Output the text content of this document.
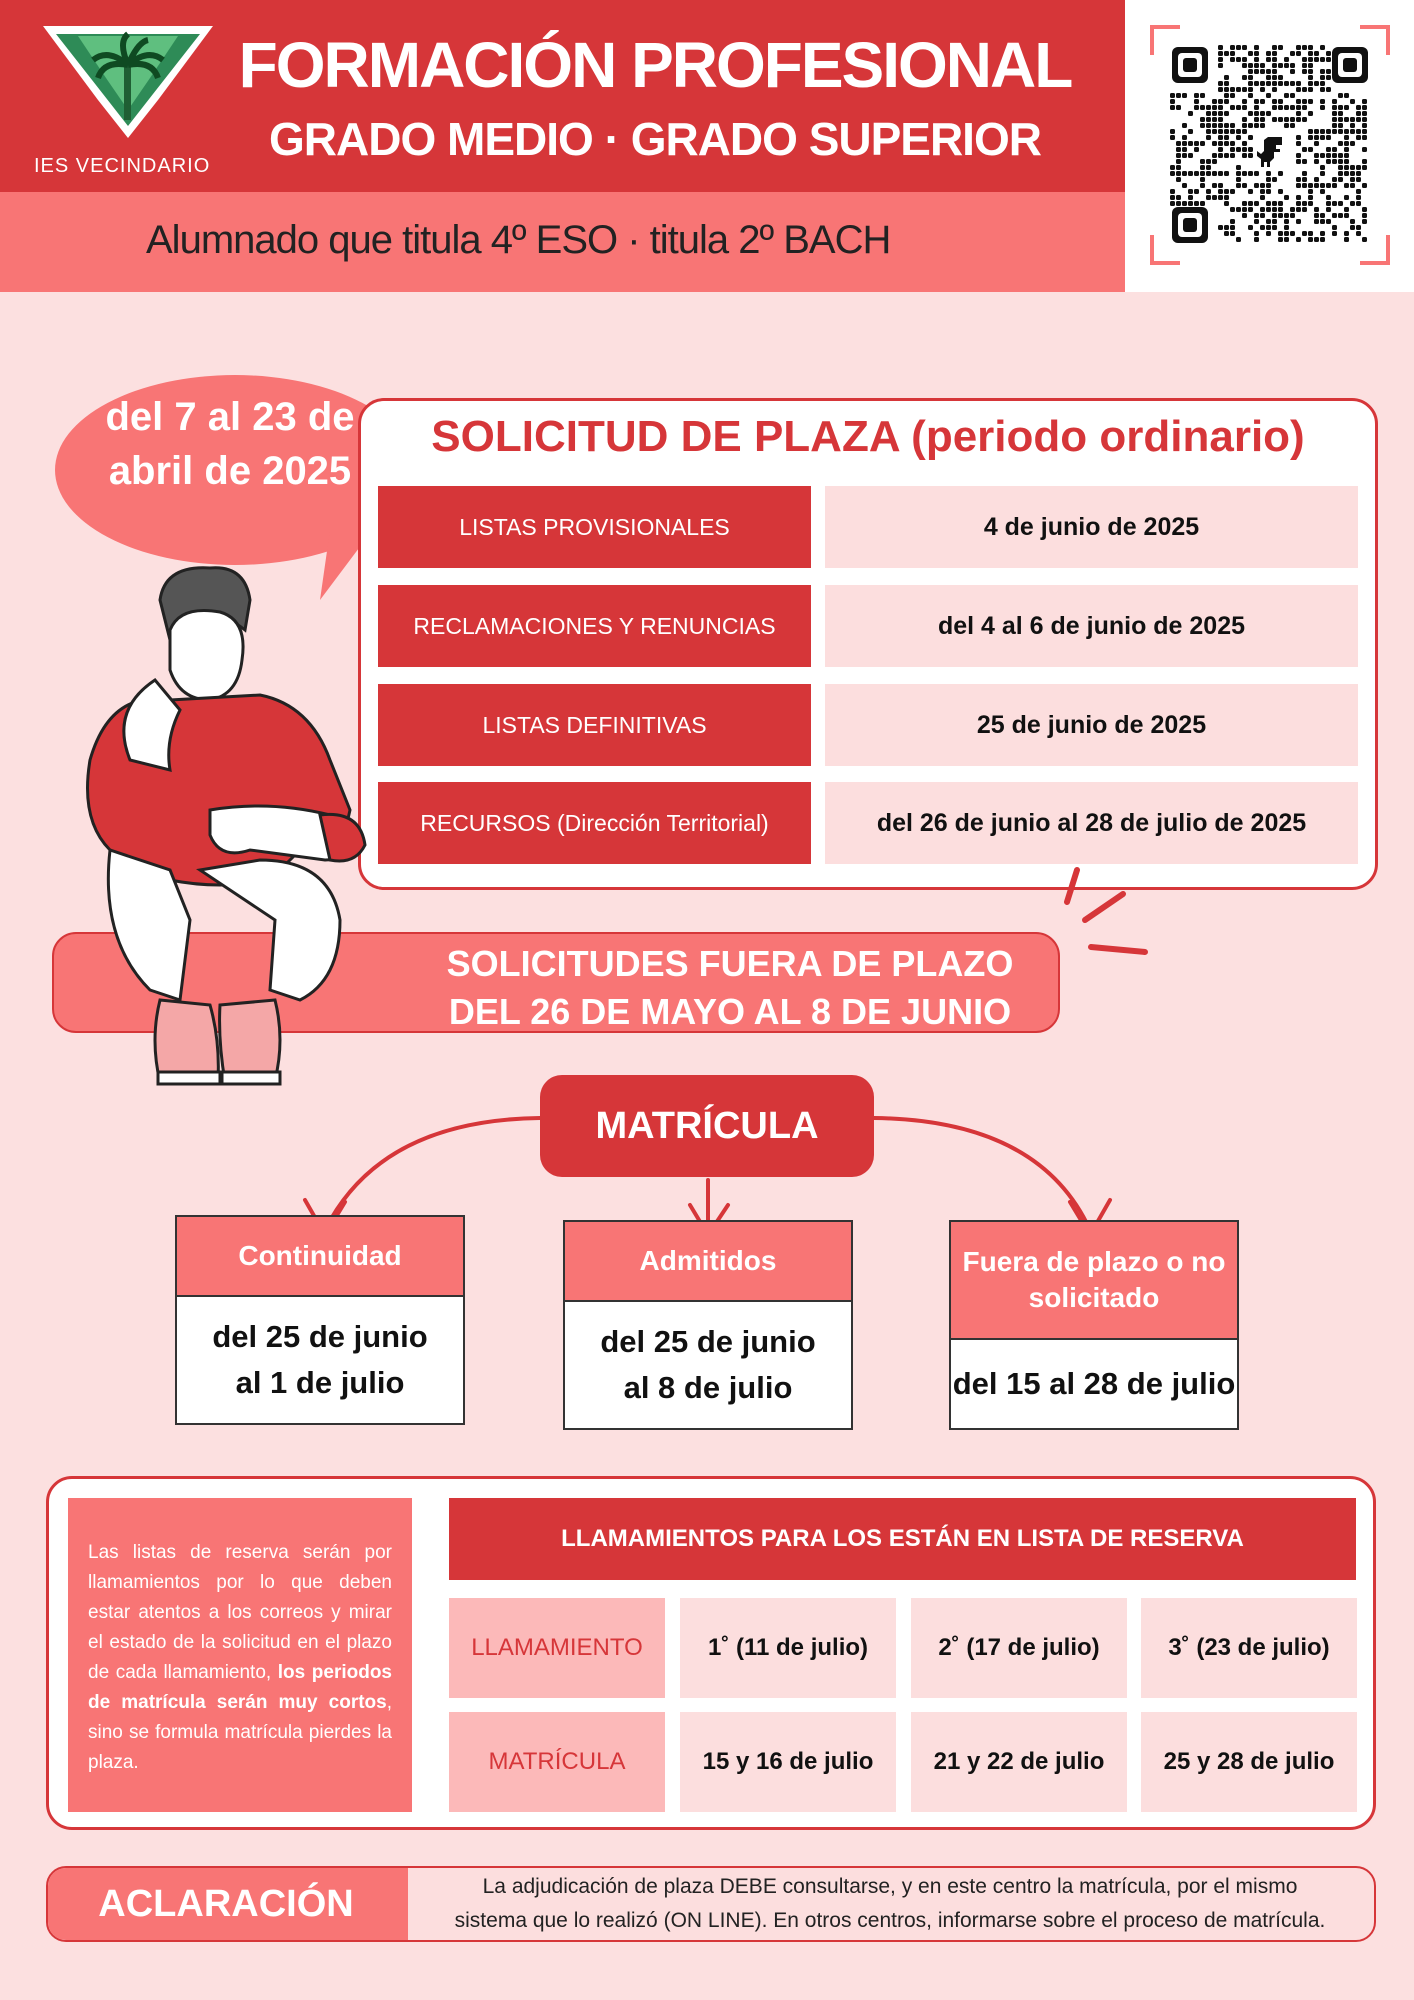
IES VECINDARIO
FORMACIÓN PROFESIONAL
GRADO MEDIO · GRADO SUPERIOR
Alumnado que titula 4º ESO · titula 2º BACH
del 7 al 23 de
abril de 2025
SOLICITUD DE PLAZA (periodo ordinario)
LISTAS PROVISIONALES	4 de junio de 2025
RECLAMACIONES Y RENUNCIAS	del 4 al 6 de junio de 2025
LISTAS DEFINITIVAS	25 de junio de 2025
RECURSOS (Dirección Territorial)	del 26 de junio al 28 de julio de 2025
SOLICITUDES FUERA DE PLAZO
DEL 26 DE MAYO AL 8 DE JUNIO
MATRÍCULA
Continuidad
del 25 de junio
al 1 de julio
Admitidos
del 25 de junio
al 8 de julio
Fuera de plazo o no
solicitado
del 15 al 28 de julio
Las listas de reserva serán por llamamientos por lo que deben estar atentos a los correos y mirar el estado de la solicitud en el plazo de cada llamamiento, los periodos de matrícula serán muy cortos, sino se formula matrícula pierdes la plaza.
LLAMAMIENTOS PARA LOS ESTÁN EN LISTA DE RESERVA
LLAMAMIENTO	1˚ (11 de julio)	2˚ (17 de julio)	3˚ (23 de julio)
MATRÍCULA	15 y 16 de julio	21 y 22 de julio	25 y 28 de julio
ACLARACIÓN	La adjudicación de plaza DEBE consultarse, y en este centro la matrícula, por el mismo
sistema que lo realizó (ON LINE). En otros centros, informarse sobre el proceso de matrícula.
